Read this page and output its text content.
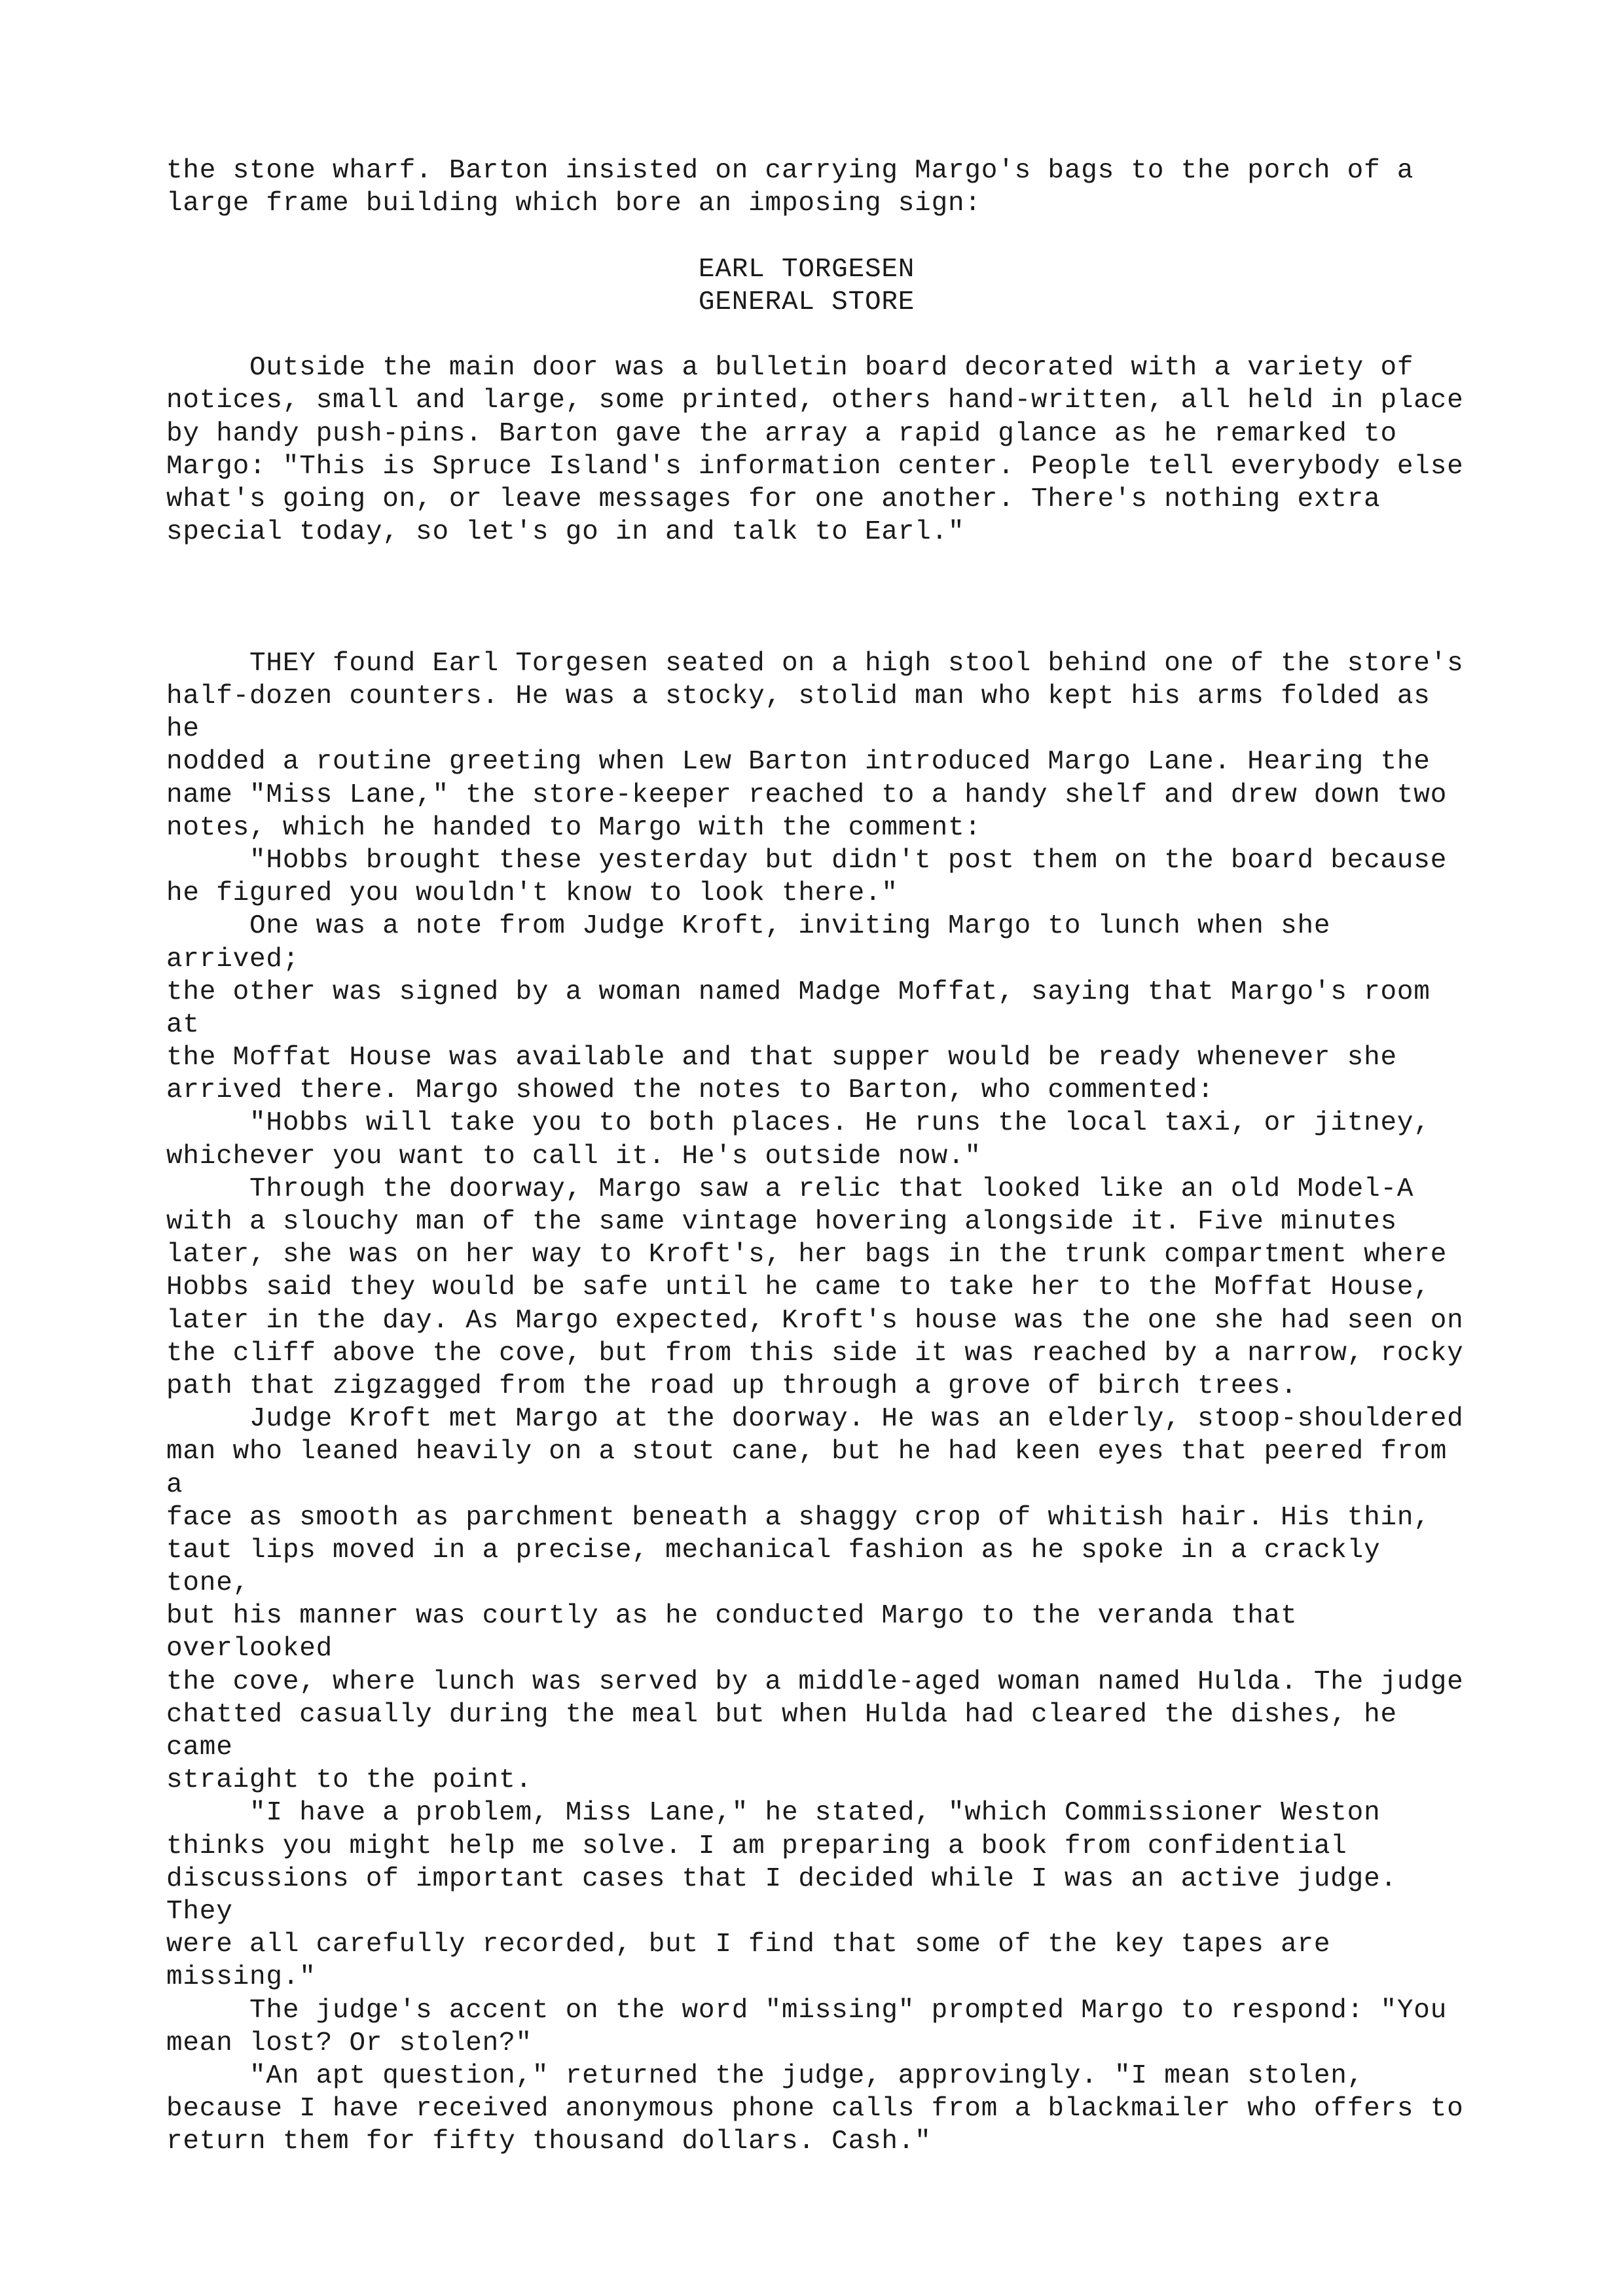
the stone wharf. Barton insisted on carrying Margo's bags to the porch of a
large frame building which bore an imposing sign:
EARL TORGESEN
GENERAL STORE
Outside the main door was a bulletin board decorated with a variety of
notices, small and large, some printed, others hand-written, all held in place
by handy push-pins. Barton gave the array a rapid glance as he remarked to
Margo: "This is Spruce Island's information center. People tell everybody else
what's going on, or leave messages for one another. There's nothing extra
special today, so let's go in and talk to Earl."
THEY found Earl Torgesen seated on a high stool behind one of the store's
half-dozen counters. He was a stocky, stolid man who kept his arms folded as
he
nodded a routine greeting when Lew Barton introduced Margo Lane. Hearing the
name "Miss Lane," the store-keeper reached to a handy shelf and drew down two
notes, which he handed to Margo with the comment:
"Hobbs brought these yesterday but didn't post them on the board because
he figured you wouldn't know to look there."
One was a note from Judge Kroft, inviting Margo to lunch when she
arrived;
the other was signed by a woman named Madge Moffat, saying that Margo's room
at
the Moffat House was available and that supper would be ready whenever she
arrived there. Margo showed the notes to Barton, who commented:
"Hobbs will take you to both places. He runs the local taxi, or jitney,
whichever you want to call it. He's outside now."
Through the doorway, Margo saw a relic that looked like an old Model-A
with a slouchy man of the same vintage hovering alongside it. Five minutes
later, she was on her way to Kroft's, her bags in the trunk compartment where
Hobbs said they would be safe until he came to take her to the Moffat House,
later in the day. As Margo expected, Kroft's house was the one she had seen on
the cliff above the cove, but from this side it was reached by a narrow, rocky
path that zigzagged from the road up through a grove of birch trees.
Judge Kroft met Margo at the doorway. He was an elderly, stoop-shouldered
man who leaned heavily on a stout cane, but he had keen eyes that peered from
a
face as smooth as parchment beneath a shaggy crop of whitish hair. His thin,
taut lips moved in a precise, mechanical fashion as he spoke in a crackly
tone,
but his manner was courtly as he conducted Margo to the veranda that
overlooked
the cove, where lunch was served by a middle-aged woman named Hulda. The judge
chatted casually during the meal but when Hulda had cleared the dishes, he
came
straight to the point.
"I have a problem, Miss Lane," he stated, "which Commissioner Weston
thinks you might help me solve. I am preparing a book from confidential
discussions of important cases that I decided while I was an active judge.
They
were all carefully recorded, but I find that some of the key tapes are
missing."
The judge's accent on the word "missing" prompted Margo to respond: "You
mean lost? Or stolen?"
"An apt question," returned the judge, approvingly. "I mean stolen,
because I have received anonymous phone calls from a blackmailer who offers to
return them for fifty thousand dollars. Cash."
